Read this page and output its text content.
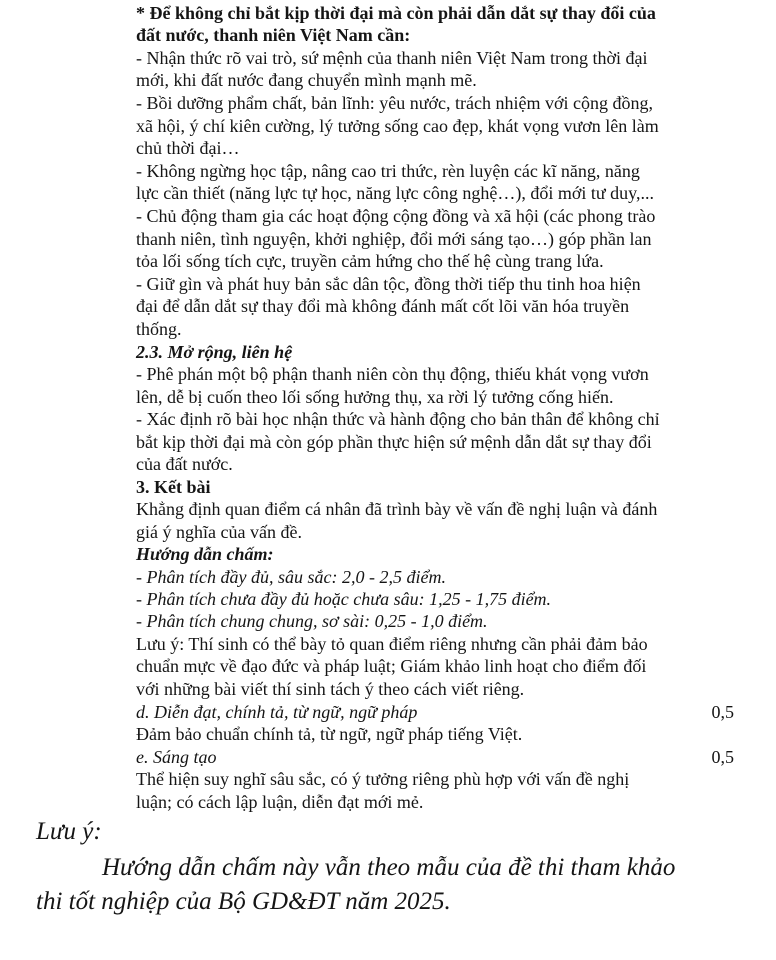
* Để không chỉ bắt kịp thời đại mà còn phải dẫn dắt sự thay đổi của
đất nước, thanh niên Việt Nam cần:
- Nhận thức rõ vai trò, sứ mệnh của thanh niên Việt Nam trong thời đại
mới, khi đất nước đang chuyển mình mạnh mẽ.
- Bồi dưỡng phẩm chất, bản lĩnh: yêu nước, trách nhiệm với cộng đồng,
xã hội, ý chí kiên cường, lý tưởng sống cao đẹp, khát vọng vươn lên làm
chủ thời đại…
- Không ngừng học tập, nâng cao tri thức, rèn luyện các kĩ năng, năng
lực cần thiết (năng lực tự học, năng lực công nghệ…), đổi mới tư duy,...
- Chủ động tham gia các hoạt động cộng đồng và xã hội (các phong trào
thanh niên, tình nguyện, khởi nghiệp, đổi mới sáng tạo…) góp phần lan
tỏa lối sống tích cực, truyền cảm hứng cho thế hệ cùng trang lứa.
- Giữ gìn và phát huy bản sắc dân tộc, đồng thời tiếp thu tinh hoa hiện
đại để dẫn dắt sự thay đổi mà không đánh mất cốt lõi văn hóa truyền
thống.
2.3. Mở rộng, liên hệ
- Phê phán một bộ phận thanh niên còn thụ động, thiếu khát vọng vươn
lên, dễ bị cuốn theo lối sống hưởng thụ, xa rời lý tưởng cống hiến.
- Xác định rõ bài học nhận thức và hành động cho bản thân để không chỉ
bắt kịp thời đại mà còn góp phần thực hiện sứ mệnh dẫn dắt sự thay đổi
của đất nước.
3. Kết bài
Khẳng định quan điểm cá nhân đã trình bày về vấn đề nghị luận và đánh
giá ý nghĩa của vấn đề.
Hướng dẫn chấm:
- Phân tích đầy đủ, sâu sắc: 2,0 - 2,5 điểm.
- Phân tích chưa đầy đủ hoặc chưa sâu: 1,25 - 1,75 điểm.
- Phân tích chung chung, sơ sài: 0,25 - 1,0 điểm.
Lưu ý: Thí sinh có thể bày tỏ quan điểm riêng nhưng cần phải đảm bảo
chuẩn mực về đạo đức và pháp luật; Giám khảo linh hoạt cho điểm đối
với những bài viết thí sinh tách ý theo cách viết riêng.
d. Diễn đạt, chính tả, từ ngữ, ngữ pháp	0,5
Đảm bảo chuẩn chính tả, từ ngữ, ngữ pháp tiếng Việt.
e. Sáng tạo	0,5
Thể hiện suy nghĩ sâu sắc, có ý tưởng riêng phù hợp với vấn đề nghị
luận; có cách lập luận, diễn đạt mới mẻ.
Lưu ý:
Hướng dẫn chấm này vẫn theo mẫu của đề thi tham khảo
thi tốt nghiệp của Bộ GD&ĐT năm 2025.
